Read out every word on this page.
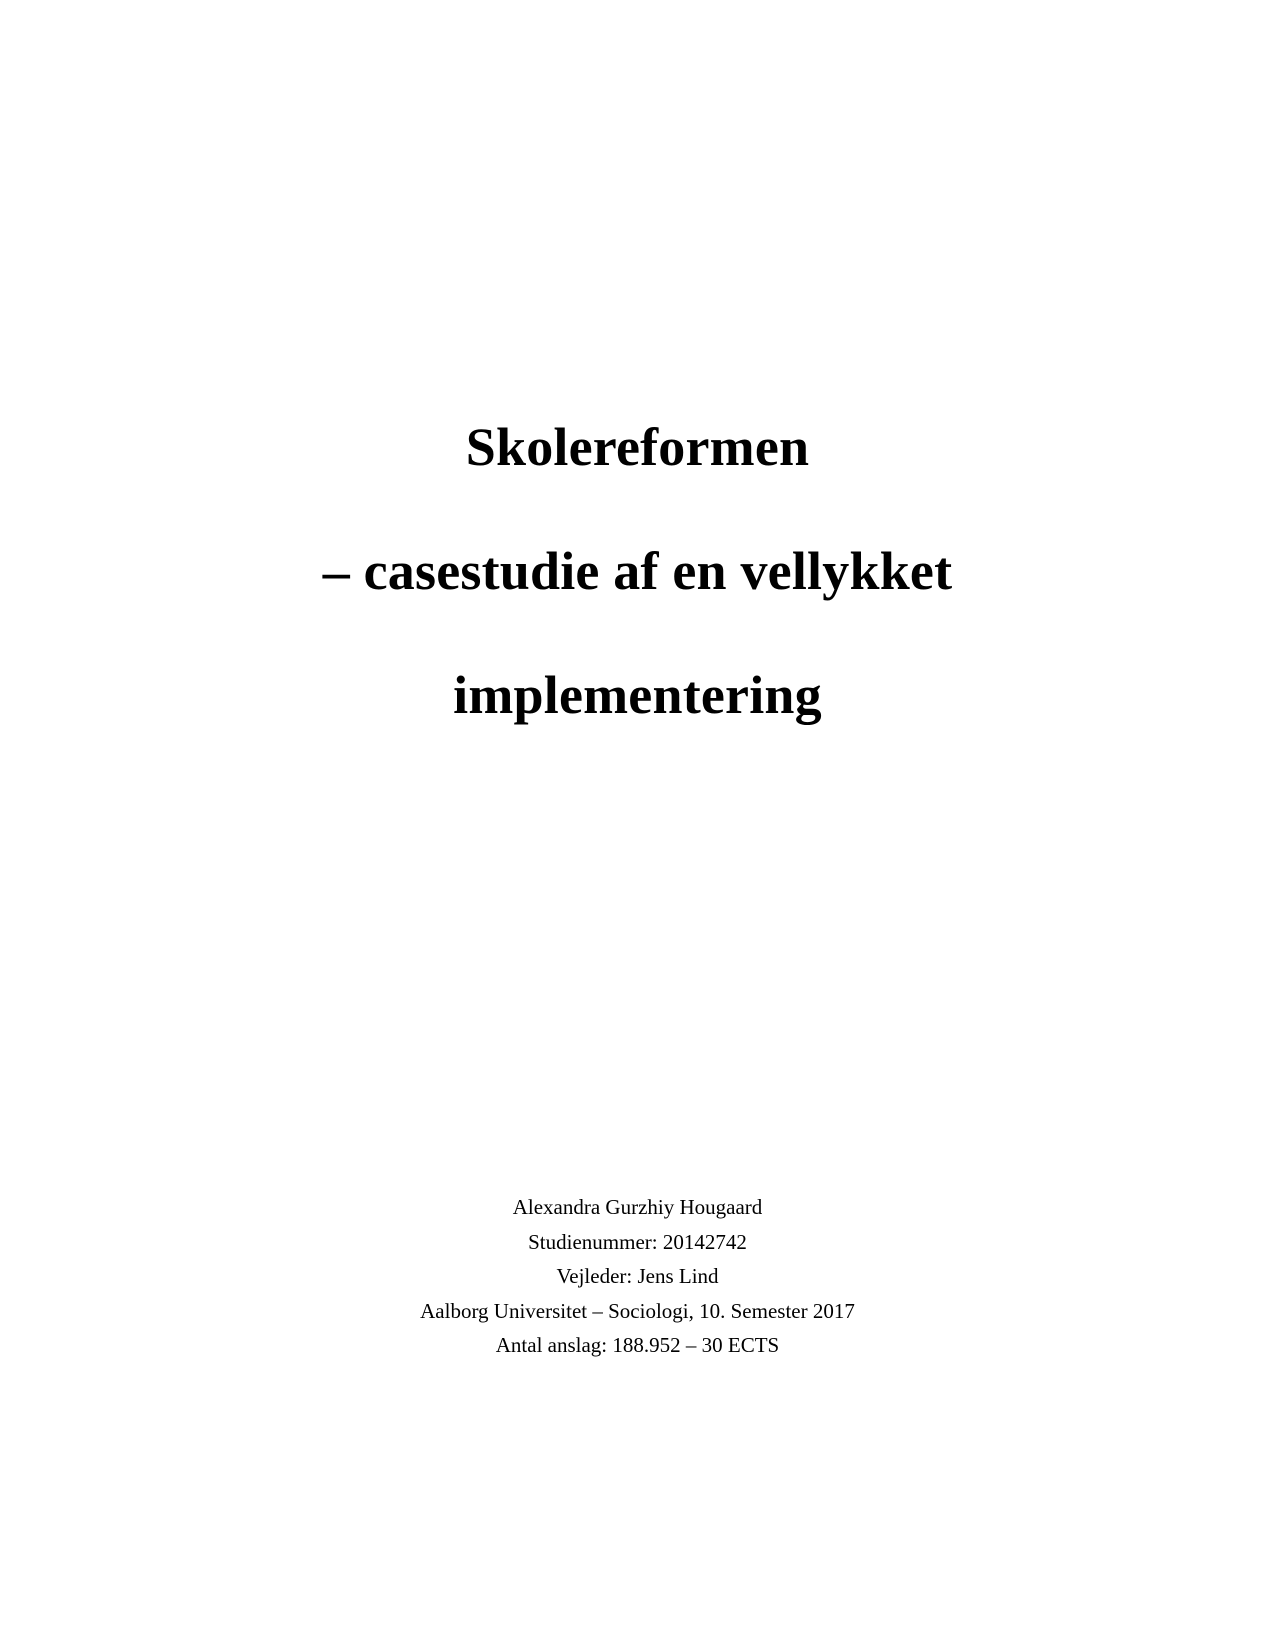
Skolereformen
– casestudie af en vellykket
implementering
Alexandra Gurzhiy Hougaard
Studienummer: 20142742
Vejleder: Jens Lind
Aalborg Universitet – Sociologi, 10. Semester 2017
Antal anslag: 188.952 – 30 ECTS
